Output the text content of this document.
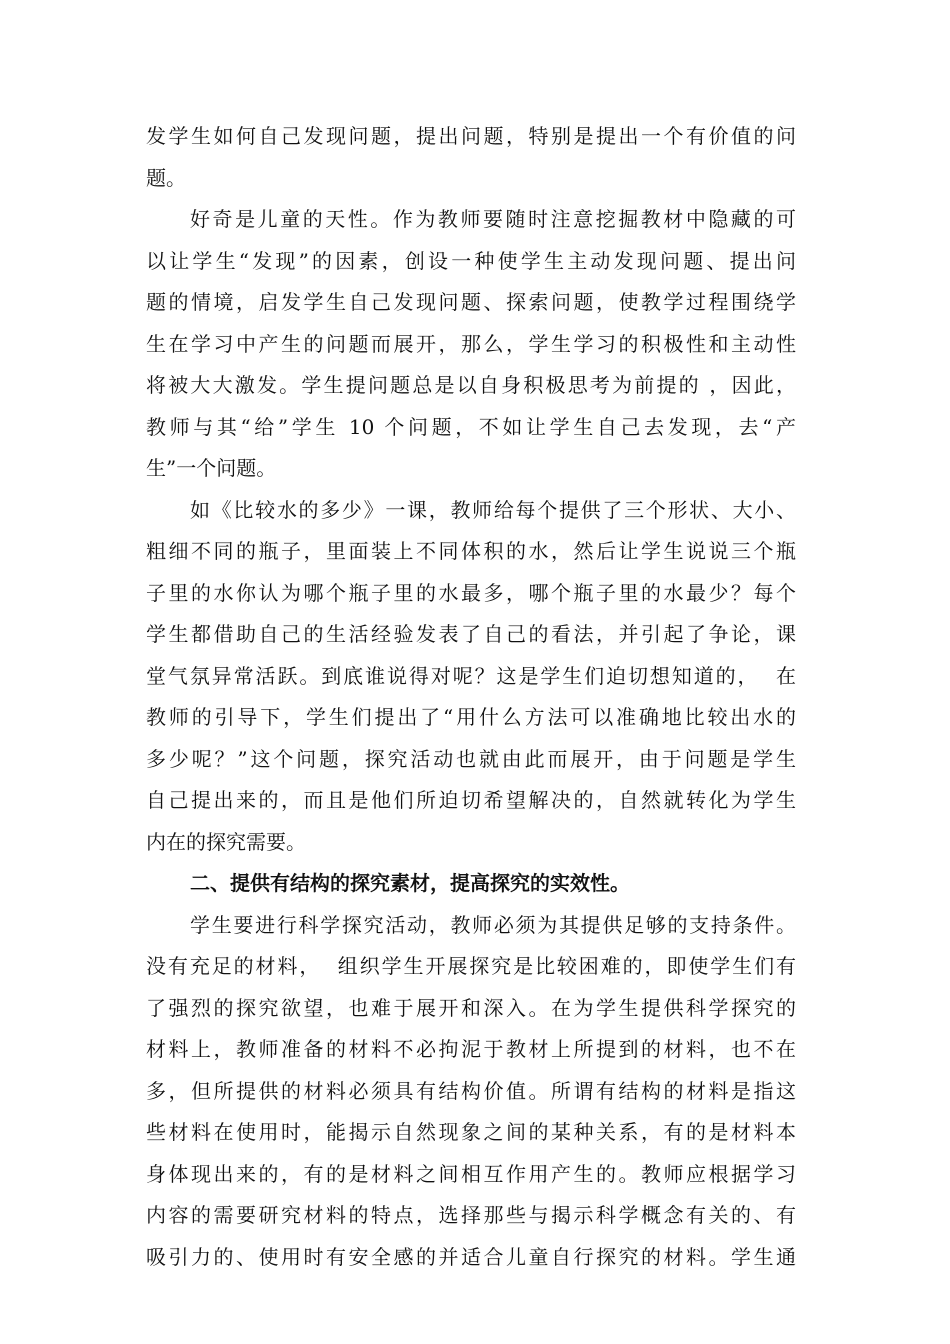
发学生如何自己发现问题，提出问题，特别是提出一个有价值的问
题。
好奇是儿童的天性。作为教师要随时注意挖掘教材中隐藏的可
以让学生“发现”的因素，创设一种使学生主动发现问题、提出问
题的情境，启发学生自己发现问题、探索问题，使教学过程围绕学
生在学习中产生的问题而展开，那么，学生学习的积极性和主动性
将被大大激发。学生提问题总是以自身积极思考为前提的 ，因此，
教师与其“给”学生 10 个问题，不如让学生自己去发现，去“产
生”一个问题。
如《比较水的多少》一课，教师给每个提供了三个形状、大小、
粗细不同的瓶子，里面装上不同体积的水，然后让学生说说三个瓶
子里的水你认为哪个瓶子里的水最多，哪个瓶子里的水最少？每个
学生都借助自己的生活经验发表了自己的看法，并引起了争论，课
堂气氛异常活跃。到底谁说得对呢？这是学生们迫切想知道的，  在
教师的引导下，学生们提出了“用什么方法可以准确地比较出水的
多少呢？”这个问题，探究活动也就由此而展开，由于问题是学生
自己提出来的，而且是他们所迫切希望解决的，自然就转化为学生
内在的探究需要。
二、提供有结构的探究素材，提高探究的实效性。
学生要进行科学探究活动，教师必须为其提供足够的支持条件。
没有充足的材料，  组织学生开展探究是比较困难的，即使学生们有
了强烈的探究欲望，也难于展开和深入。在为学生提供科学探究的
材料上，教师准备的材料不必拘泥于教材上所提到的材料，也不在
多，但所提供的材料必须具有结构价值。所谓有结构的材料是指这
些材料在使用时，能揭示自然现象之间的某种关系，有的是材料本
身体现出来的，有的是材料之间相互作用产生的。教师应根据学习
内容的需要研究材料的特点，选择那些与揭示科学概念有关的、有
吸引力的、使用时有安全感的并适合儿童自行探究的材料。学生通
